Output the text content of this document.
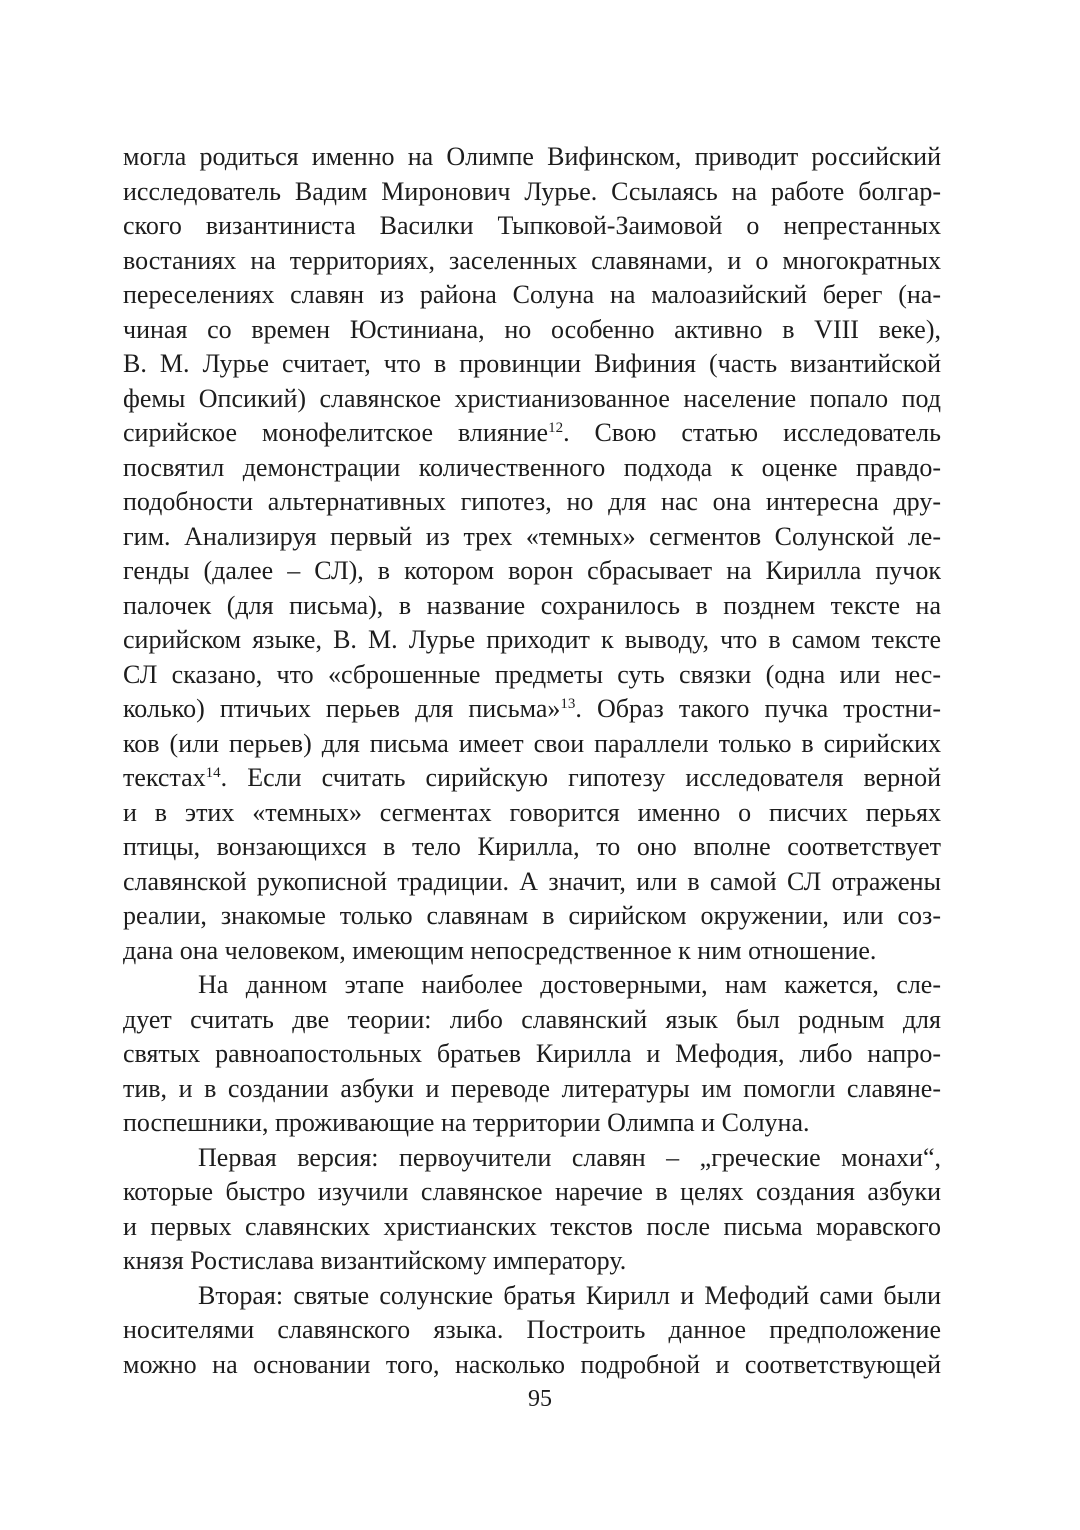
могла родиться именно на Олимпе Вифинском, приводит российский
исследователь Вадим Миронович Лурье. Ссылаясь на работе болгар-
ского византиниста Василки Тыпковой-Заимовой о непрестанных
востаниях на территориях, заселенных славянами, и о многократных
переселениях славян из района Солуна на малоазийский берег (на-
чиная со времен Юстиниана, но особенно активно в VIII веке),
В. М. Лурье считает, что в провинции Вифиния (часть византийской
фемы Опсикий) славянское христианизованное население попало под
сирийское монофелитское влияние$^{12}$. Свою статью исследователь
посвятил демонстрации количественного подхода к оценке правдо-
подобности альтернативных гипотез, но для нас она интересна дру-
гим. Анализируя первый из трех «темных» сегментов Солунской ле-
генды (далее – СЛ), в котором ворон сбрасывает на Кирилла пучок
палочек (для письма), в название сохранилось в позднем тексте на
сирийском языке, В. М. Лурье приходит к выводу, что в самом тексте
СЛ сказано, что «сброшенные предметы суть связки (одна или нес-
колько) птичьих перьев для письма»$^{13}$. Образ такого пучка тростни-
ков (или перьев) для письма имеет свои параллели только в сирийских
текстах$^{14}$. Если считать сирийскую гипотезу исследователя верной
и в этих «темных» сегментах говорится именно о писчих перьях
птицы, вонзающихся в тело Кирилла, то оно вполне соответствует
славянской рукописной традиции. А значит, или в самой СЛ отражены
реалии, знакомые только славянам в сирийском окружении, или соз-
дана она человеком, имеющим непосредственное к ним отношение.
На данном этапе наиболее достоверными, нам кажется, сле-
дует считать две теории: либо славянский язык был родным для
святых равноапостольных братьев Кирилла и Мефодия, либо напро-
тив, и в создании азбуки и переводе литературы им помогли славяне-
поспешники, проживающие на территории Олимпа и Солуна.
Первая версия: первоучители славян – „греческие монахи“,
которые быстро изучили славянское наречие в целях создания азбуки
и первых славянских христианских текстов после письма моравского
князя Ростислава византийскому императору.
Вторая: святые солунские братья Кирилл и Мефодий сами были
носителями славянского языка. Построить данное предположение
можно на основании того, насколько подробной и соответствующей
95
